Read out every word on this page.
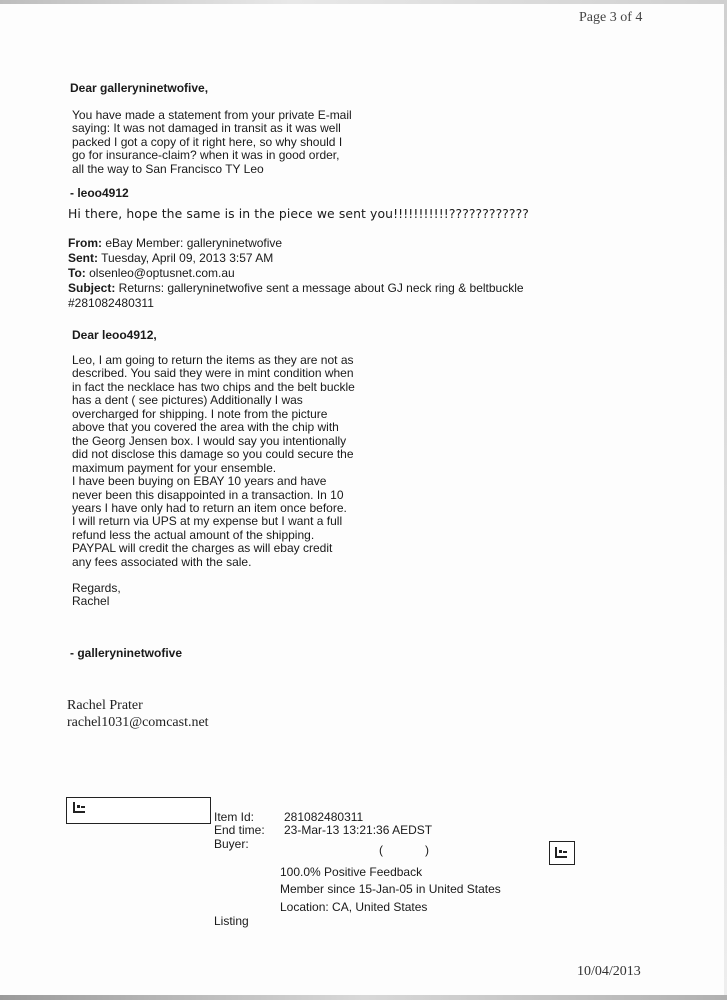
Page 3 of 4
Dear galleryninetwofive,
You have made a statement from your private E-mail
saying: It was not damaged in transit as it was well
packed I got a copy of it right here, so why should I
go for insurance-claim? when it was in good order,
all the way to San Francisco TY Leo
- leoo4912
Hi there, hope the same is in the piece we sent you!!!!!!!!!!!????????????
From: eBay Member: galleryninetwofive
Sent: Tuesday, April 09, 2013 3:57 AM
To: olsenleo@optusnet.com.au
Subject: Returns: galleryninetwofive sent a message about GJ neck ring & beltbuckle
#281082480311
Dear leoo4912,
Leo, I am going to return the items as they are not as
described. You said they were in mint condition when
in fact the necklace has two chips and the belt buckle
has a dent ( see pictures) Additionally I was
overcharged for shipping. I note from the picture
above that you covered the area with the chip with
the Georg Jensen box. I would say you intentionally
did not disclose this damage so you could secure the
maximum payment for your ensemble.
I have been buying on EBAY 10 years and have
never been this disappointed in a transaction. In 10
years I have only had to return an item once before.
I will return via UPS at my expense but I want a full
refund less the actual amount of the shipping.
PAYPAL will credit the charges as will ebay credit
any fees associated with the sale.
Regards,
Rachel
- galleryninetwofive
Rachel Prater
rachel1031@comcast.net

Item Id: 281082480311
End time: 23-Mar-13 13:21:36 AEDST
Buyer:	(	)
100.0% Positive Feedback
Member since 15-Jan-05 in United States
Location: CA, United States
Listing
10/04/2013
